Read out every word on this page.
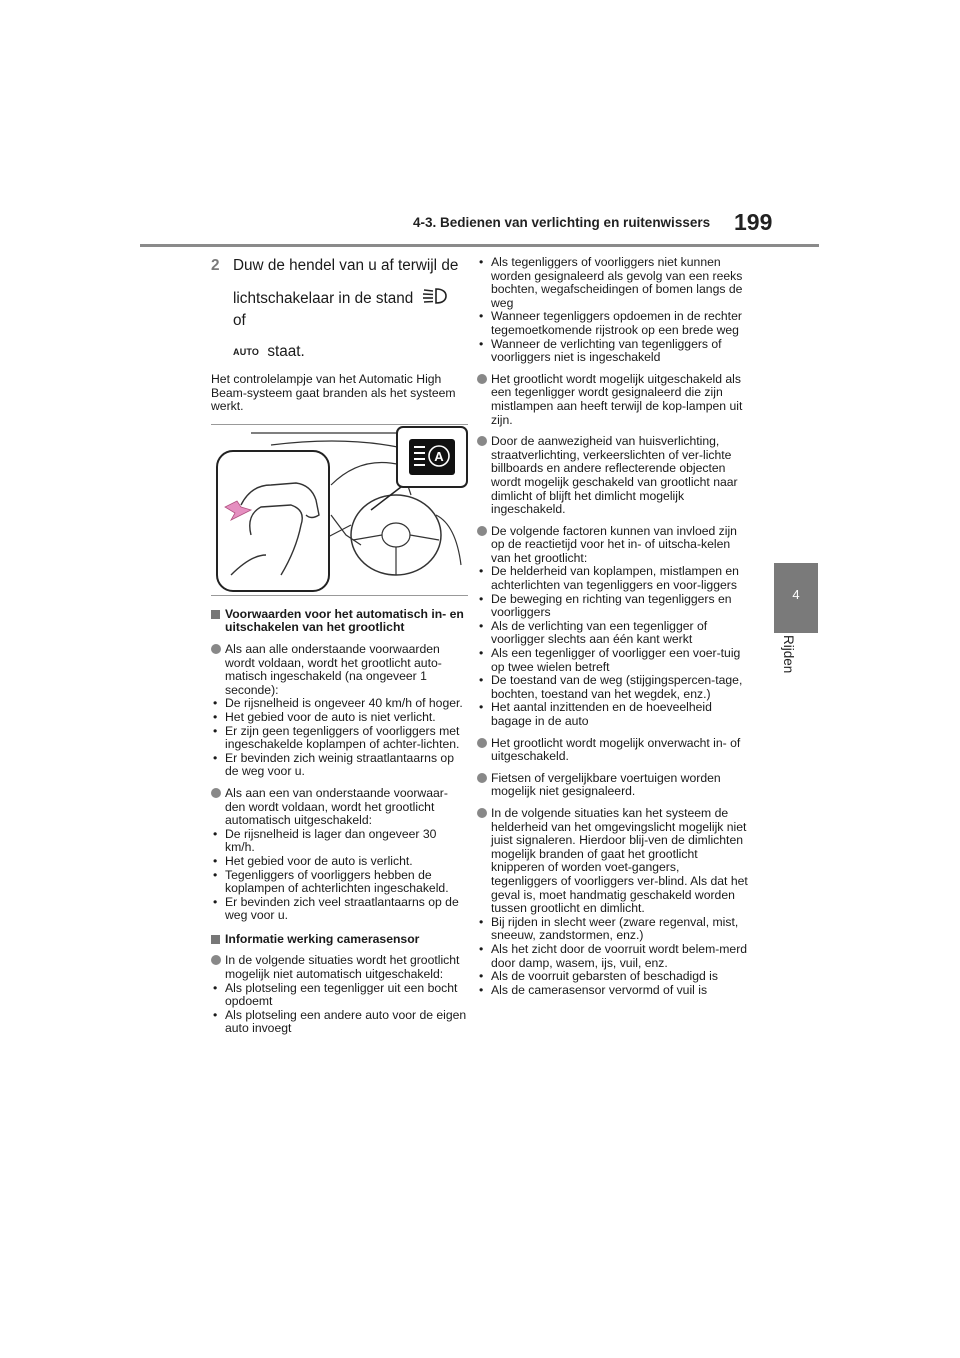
4-3. Bedienen van verlichting en ruitenwissers 199
4
Rijden
2 Duw de hendel van u af terwijl de
lichtschakelaar in de stand  of
AUTO staat.
Het controlelampje van het Automatic High Beam-systeem gaat branden als het systeem werkt.
A
Voorwaarden voor het automatisch in- en uitschakelen van het grootlicht
Als aan alle onderstaande voorwaarden wordt voldaan, wordt het grootlicht auto-matisch ingeschakeld (na ongeveer 1 seconde):
• De rijsnelheid is ongeveer 40 km/h of hoger.
• Het gebied voor de auto is niet verlicht.
• Er zijn geen tegenliggers of voorliggers met ingeschakelde koplampen of achter-lichten.
• Er bevinden zich weinig straatlantaarns op de weg voor u.
Als aan een van onderstaande voorwaar-den wordt voldaan, wordt het grootlicht automatisch uitgeschakeld:
• De rijsnelheid is lager dan ongeveer 30 km/h.
• Het gebied voor de auto is verlicht.
• Tegenliggers of voorliggers hebben de koplampen of achterlichten ingeschakeld.
• Er bevinden zich veel straatlantaarns op de weg voor u.
Informatie werking camerasensor
In de volgende situaties wordt het grootlicht mogelijk niet automatisch uitgeschakeld:
• Als plotseling een tegenligger uit een bocht opdoemt
• Als plotseling een andere auto voor de eigen auto invoegt
• Als tegenliggers of voorliggers niet kunnen worden gesignaleerd als gevolg van een reeks bochten, wegafscheidingen of bomen langs de weg
• Wanneer tegenliggers opdoemen in de rechter tegemoetkomende rijstrook op een brede weg
• Wanneer de verlichting van tegenliggers of voorliggers niet is ingeschakeld
Het grootlicht wordt mogelijk uitgeschakeld als een tegenligger wordt gesignaleerd die zijn mistlampen aan heeft terwijl de kop-lampen uit zijn.
Door de aanwezigheid van huisverlichting, straatverlichting, verkeerslichten of ver-lichte billboards en andere reflecterende objecten wordt mogelijk geschakeld van grootlicht naar dimlicht of blijft het dimlicht mogelijk ingeschakeld.
De volgende factoren kunnen van invloed zijn op de reactietijd voor het in- of uitscha-kelen van het grootlicht:
• De helderheid van koplampen, mistlampen en achterlichten van tegenliggers en voor-liggers
• De beweging en richting van tegenliggers en voorliggers
• Als de verlichting van een tegenligger of voorligger slechts aan één kant werkt
• Als een tegenligger of voorligger een voer-tuig op twee wielen betreft
• De toestand van de weg (stijgingspercen-tage, bochten, toestand van het wegdek, enz.)
• Het aantal inzittenden en de hoeveelheid bagage in de auto
Het grootlicht wordt mogelijk onverwacht in- of uitgeschakeld.
Fietsen of vergelijkbare voertuigen worden mogelijk niet gesignaleerd.
In de volgende situaties kan het systeem de helderheid van het omgevingslicht mogelijk niet juist signaleren. Hierdoor blij-ven de dimlichten mogelijk branden of gaat het grootlicht knipperen of worden voet-gangers, tegenliggers of voorliggers ver-blind. Als dat het geval is, moet handmatig geschakeld worden tussen grootlicht en dimlicht.
• Bij rijden in slecht weer (zware regenval, mist, sneeuw, zandstormen, enz.)
• Als het zicht door de voorruit wordt belem-merd door damp, wasem, ijs, vuil, enz.
• Als de voorruit gebarsten of beschadigd is
• Als de camerasensor vervormd of vuil is
